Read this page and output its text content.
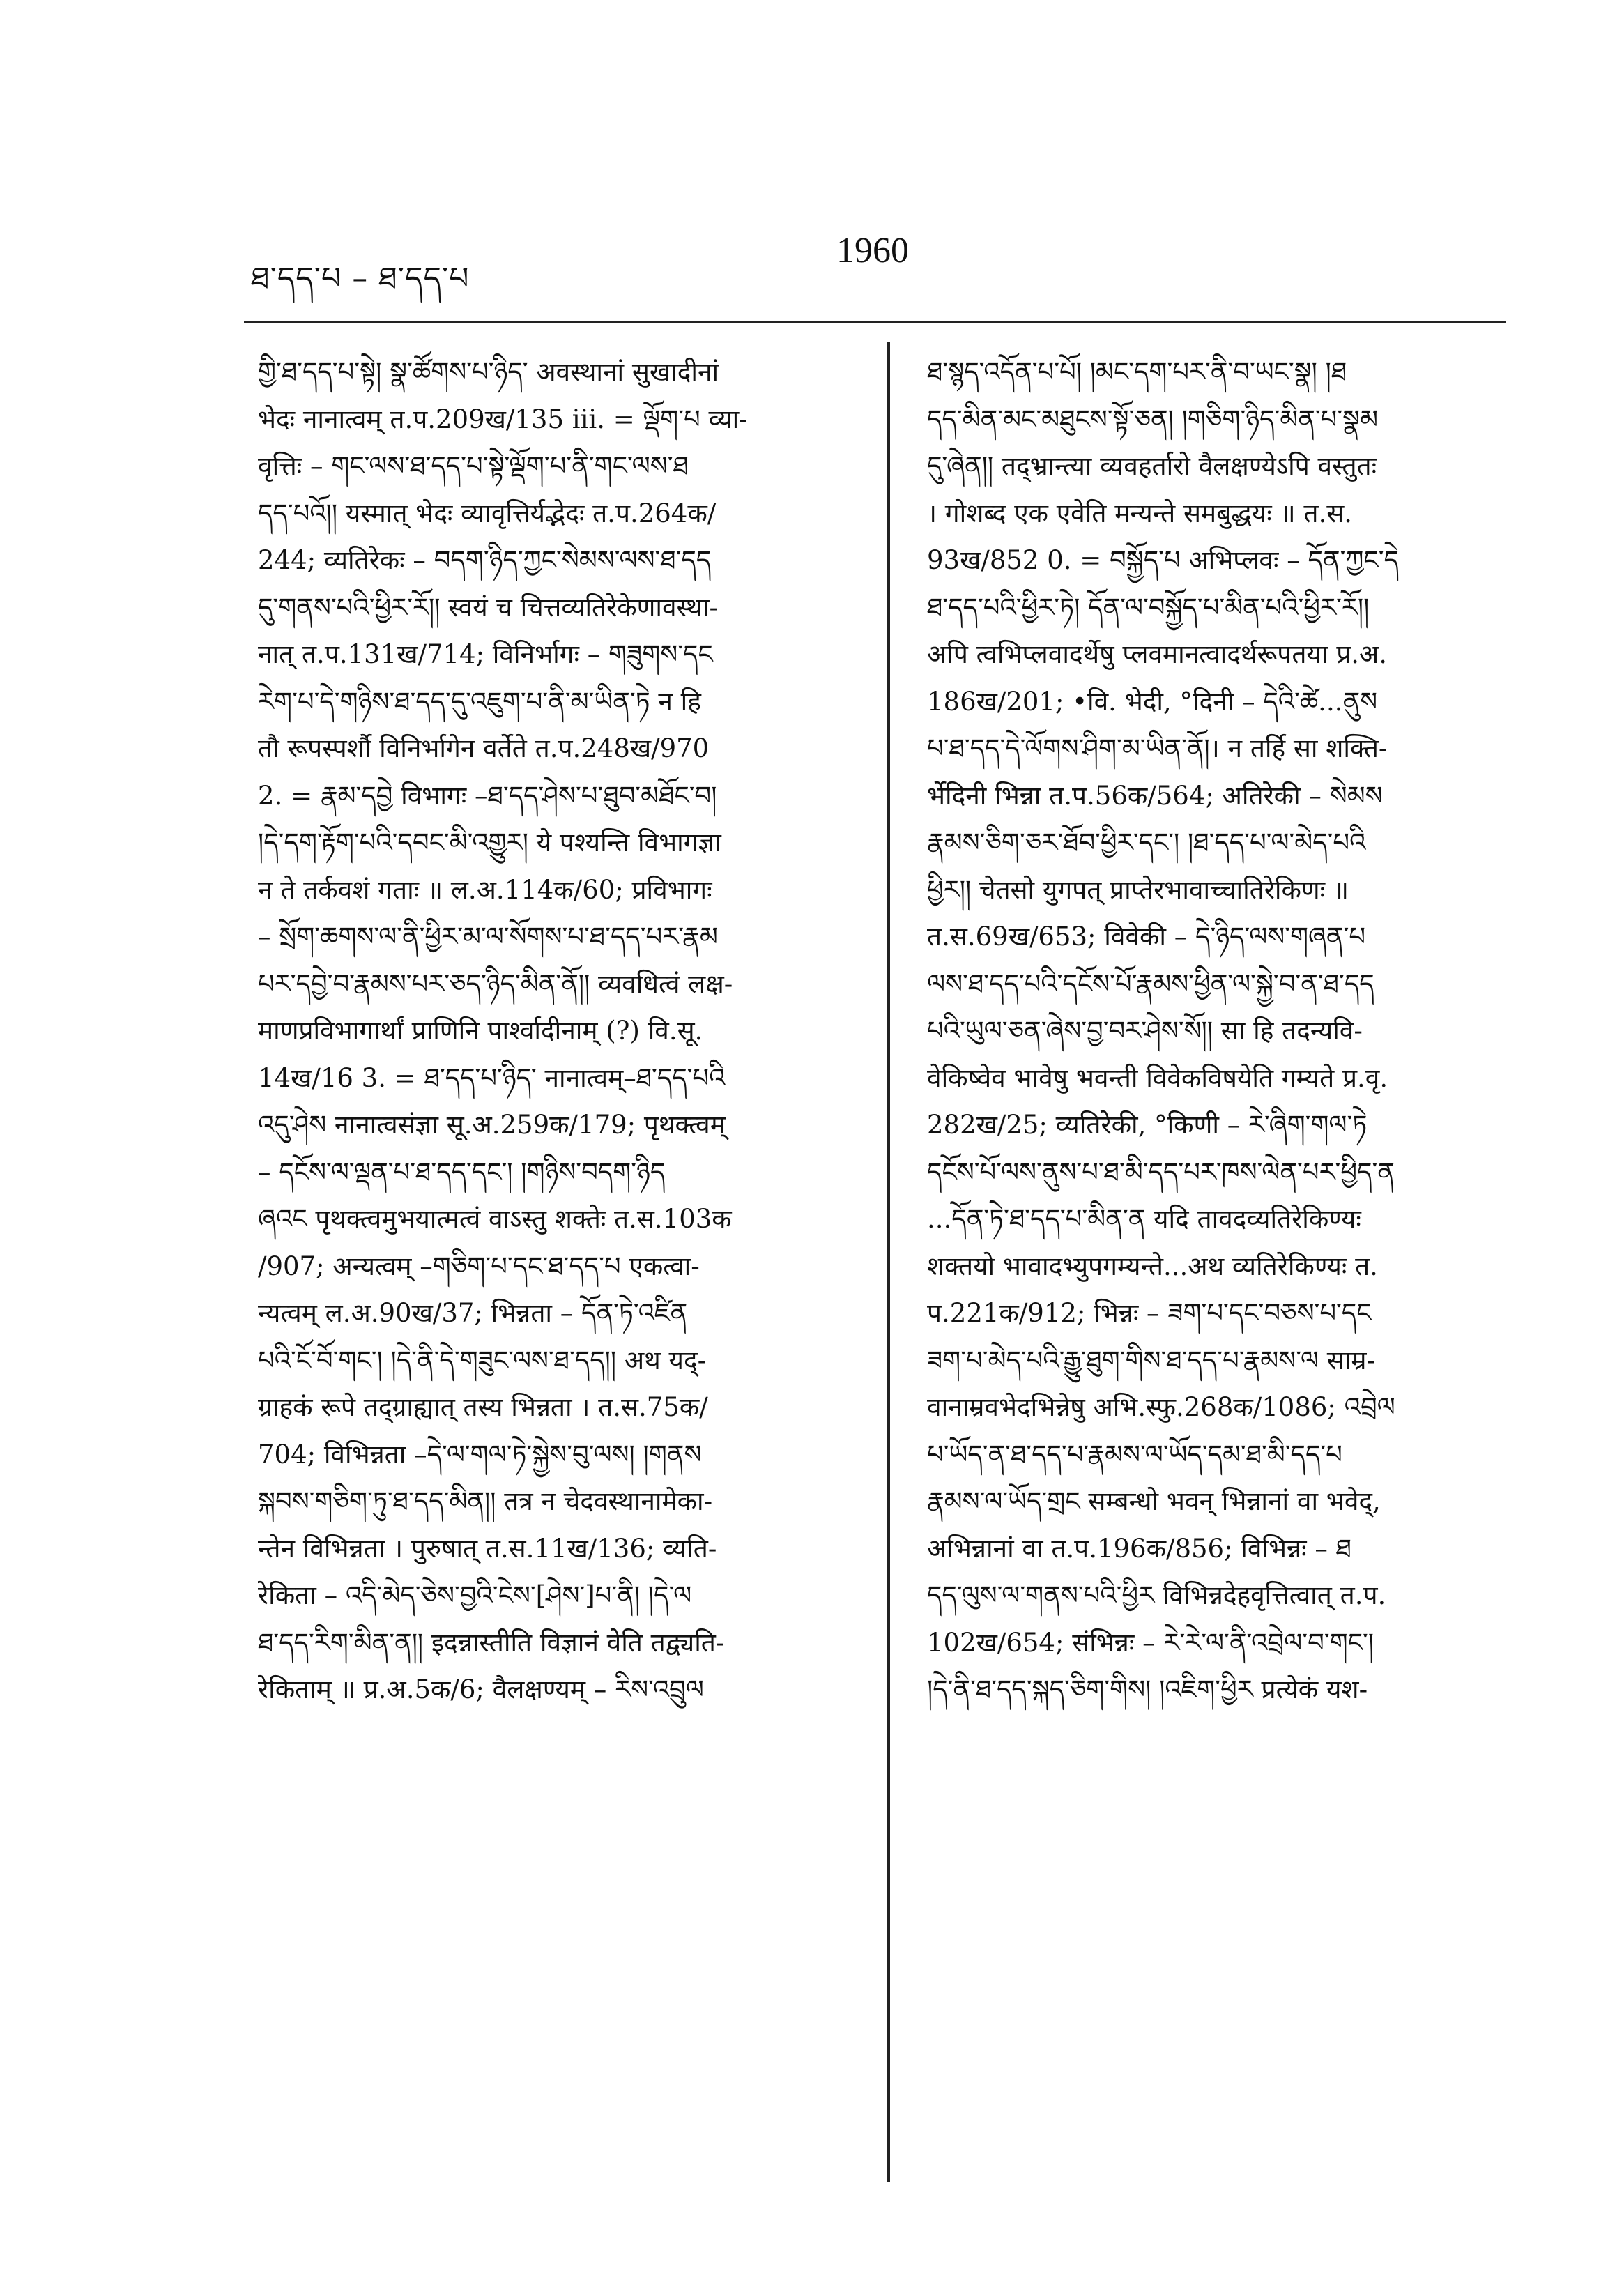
ཐ་དད་པ – ཐ་དད་པ
1960
གྱི་ཐ་དད་པ་སྟེ། སྣ་ཚོགས་པ་ཉིད་ अवस्थानां सुखादीनां
भेदः नानात्वम् त.प.209ख/135 iii. = ལྡོག་པ व्या-
वृत्तिः – གང་ལས་ཐ་དད་པ་སྟེ་ལྡོག་པ་ནི་གང་ལས་ཐ
དད་པའོ།། यस्मात् भेदः व्यावृत्तिर्यद्भेदः त.प.264क/
244; व्यतिरेकः – བདག་ཉིད་ཀྱང་སེམས་ལས་ཐ་དད
དུ་གནས་པའི་ཕྱིར་རོ།། स्वयं च चित्तव्यतिरेकेणावस्था-
नात् त.प.131ख/714; विनिर्भागः – གཟུགས་དང
རེག་པ་དེ་གཉིས་ཐ་དད་དུ་འཇུག་པ་ནི་མ་ཡིན་ཏེ न हि
तौ रूपस्पर्शौ विनिर्भागेन वर्तेते त.प.248ख/970
2. = རྣམ་དབྱེ विभागः –ཐ་དད་ཤེས་པ་ཐུབ་མཐོང་བ།
།དེ་དག་རྟོག་པའི་དབང་མི་འགྱུར། ये पश्यन्ति विभागज्ञा
न ते तर्कवशं गताः ॥ ल.अ.114क/60; प्रविभागः
– སྲོག་ཆགས་ལ་ནི་ཕྱིར་མ་ལ་སོགས་པ་ཐ་དད་པར་རྣམ
པར་དབྱེ་བ་རྣམས་པར་ཅད་ཉིད་མིན་ནོ།། व्यवधित्वं लक्ष-
माणप्रविभागार्थां प्राणिनि पार्श्वादीनाम् (?) वि.सू.
14ख/16 3. = ཐ་དད་པ་ཉིད་ नानात्वम्–ཐ་དད་པའི
འདུ་ཤེས नानात्वसंज्ञा सू.अ.259क/179; पृथक्त्वम्
– དངོས་ལ་ལྡན་པ་ཐ་དད་དང་། །གཉིས་བདག་ཉིད
ཞའང पृथक्त्वमुभयात्मत्वं वाऽस्तु शक्तेः त.स.103क
/907; अन्यत्वम् –གཅིག་པ་དང་ཐ་དད་པ एकत्वा-
न्यत्वम् ल.अ.90ख/37; भिन्नता – དོན་ཏེ་འཛིན
པའི་ངོ་བོ་གང་། །དེ་ནི་དེ་གཟུང་ལས་ཐ་དད།། अथ यद्-
ग्राहकं रूपे तद्ग्राह्यात् तस्य भिन्नता । त.स.75क/
704; विभिन्नता –དེ་ལ་གལ་ཏེ་སྐྱེས་བུ་ལས། །གནས
སྐབས་གཅིག་ཏུ་ཐ་དད་མིན།། तत्र न चेदवस्थानामेका-
न्तेन विभिन्नता । पुरुषात् त.स.11ख/136; व्यति-
रेकिता – འདི་མེད་ཅེས་བྱའི་ངེས་[ཤེས་]པ་ནི། །དེ་ལ
ཐ་དད་རིག་མིན་ན།། इदन्नास्तीति विज्ञानं वेति तद्व्यति-
रेकिताम् ॥ प्र.अ.5क/6; वैलक्षण्यम् – རིས་འབྲུལ
ཐ་སྙད་འདོན་པ་པོ། །མང་དག་པར་ནི་བ་ཡང་སྣ། །ཐ
དད་མིན་མང་མཐུངས་སྟོ་ཅན། །གཅིག་ཉིད་མིན་པ་སྣམ
དུ་ཞེན།། तद्भ्रान्त्या व्यवहर्तारो वैलक्षण्येऽपि वस्तुतः
। गोशब्द एक एवेति मन्यन्ते समबुद्धयः ॥ त.स.
93ख/852 0. = བསྐྱོད་པ अभिप्लवः – དོན་ཀྱང་དེ
ཐ་དད་པའི་ཕྱིར་ཏེ། དོན་ལ་བསྐྱོད་པ་མིན་པའི་ཕྱིར་རོ།།
अपि त्वभिप्लवादर्थेषु प्लवमानत्वादर्थरूपतया प्र.अ.
186ख/201; •वि. भेदी, °दिनी – དེའི་ཚེ...ནུས
པ་ཐ་དད་དེ་ལོགས་ཤིག་མ་ཡིན་ནོ།। न तर्हि सा शक्ति-
र्भेदिनी भिन्ना त.प.56क/564; अतिरेकी – སེམས
རྣམས་ཅིག་ཅར་ཐོབ་ཕྱིར་དང་། །ཐ་དད་པ་ལ་མེད་པའི
ཕྱིར།། चेतसो युगपत् प्राप्तेरभावाच्चातिरेकिणः ॥
त.स.69ख/653; विवेकी – དེ་ཉིད་ལས་གཞན་པ
ལས་ཐ་དད་པའི་དངོས་པོ་རྣམས་ཕྱིན་ལ་སྐྱེ་བ་ན་ཐ་དད
པའི་ཡུལ་ཅན་ཞེས་བྱ་བར་ཤེས་སོ།། सा हि तदन्यवि-
वेकिष्वेव भावेषु भवन्ती विवेकविषयेति गम्यते प्र.वृ.
282ख/25; व्यतिरेकी, °किणी – རེ་ཞིག་གལ་ཏེ
དངོས་པོ་ལས་ནུས་པ་ཐ་མི་དད་པར་ཁས་ལེན་པར་ཕྱིད་ན
...དོན་ཏེ་ཐ་དད་པ་མིན་ན यदि तावदव्यतिरेकिण्यः
शक्तयो भावादभ्युपगम्यन्ते...अथ व्यतिरेकिण्यः त.
प.221क/912; भिन्नः – ཟག་པ་དང་བཅས་པ་དང
ཟག་པ་མེད་པའི་རྒྱུ་ཐུག་གིས་ཐ་དད་པ་རྣམས་ལ साम्र-
वानाम्रवभेदभिन्नेषु अभि.स्फु.268क/1086; འབྲེལ
པ་ཡོད་ན་ཐ་དད་པ་རྣམས་ལ་ཡོད་དམ་ཐ་མི་དད་པ
རྣམས་ལ་ཡོད་གྲང सम्बन्धो भवन् भिन्नानां वा भवेद्,
अभिन्नानां वा त.प.196क/856; विभिन्नः – ཐ
དད་ལུས་ལ་གནས་པའི་ཕྱིར विभिन्नदेहवृत्तित्वात् त.प.
102ख/654; संभिन्नः – རེ་རེ་ལ་ནི་འབྲེལ་བ་གང་།
།དེ་ནི་ཐ་དད་སྐད་ཅིག་གིས། །འཇིག་ཕྱིར प्रत्येकं यश-
